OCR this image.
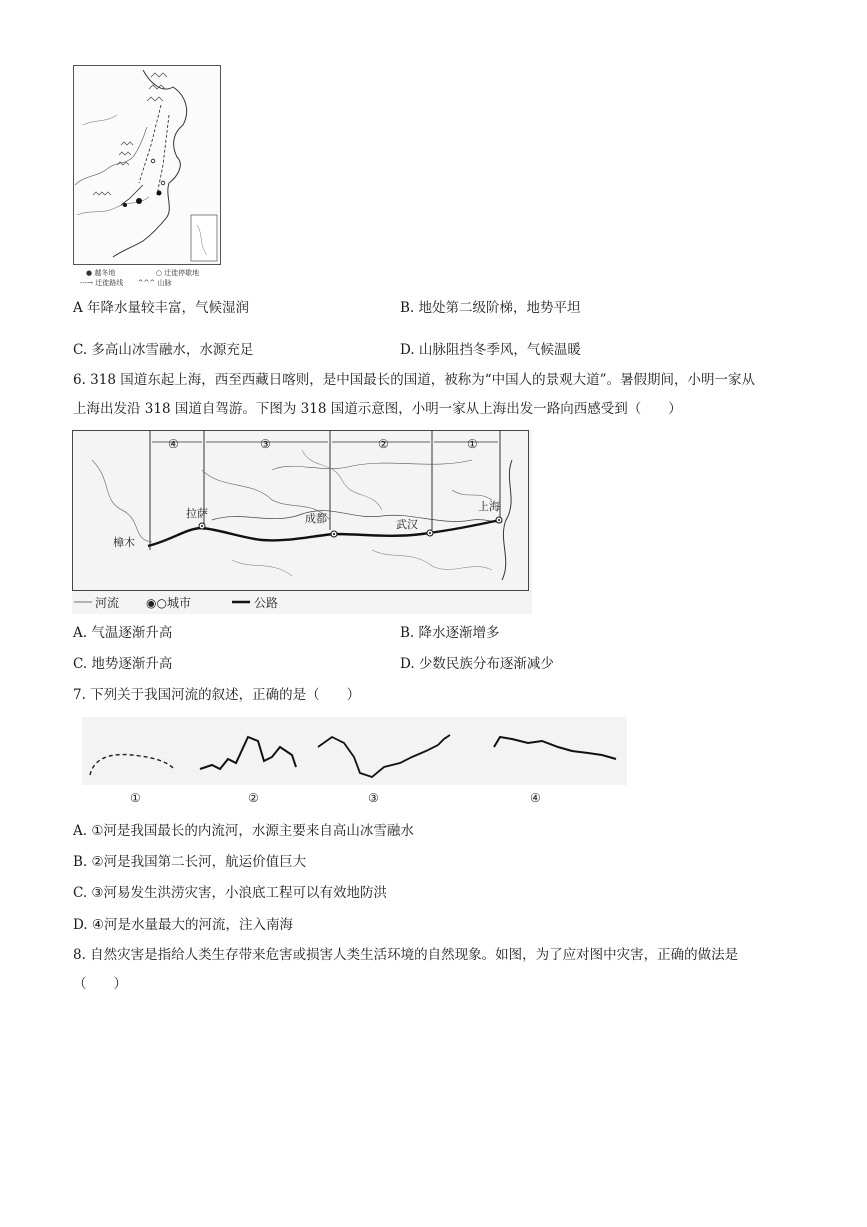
● 越冬地	○ 迁徙停歇地
---→ 迁徙路线 ^^^ 山脉
A 年降水量较丰富，气候湿润	B. 地处第二级阶梯，地势平坦
C. 多高山冰雪融水，水源充足	D. 山脉阻挡冬季风，气候温暖
6. 318 国道东起上海，西至西藏日喀则，是中国最长的国道，被称为“中国人的景观大道”。暑假期间，小明一家从上海出发沿 318 国道自驾游。下图为 318 国道示意图，小明一家从上海出发一路向西感受到（　　）
④	③	②	①
樟木
拉萨	成都	武汉
上海
河流 ◉○城市	公路
A. 气温逐渐升高	B. 降水逐渐增多
C. 地势逐渐升高	D. 少数民族分布逐渐减少
7. 下列关于我国河流的叙述，正确的是（　　）
①	②	③	④
A. ①河是我国最长的内流河，水源主要来自高山冰雪融水
B. ②河是我国第二长河，航运价值巨大
C. ③河易发生洪涝灾害，小浪底工程可以有效地防洪
D. ④河是水量最大的河流，注入南海
8. 自然灾害是指给人类生存带来危害或损害人类生活环境的自然现象。如图，为了应对图中灾害，正确的做法是（　　）
